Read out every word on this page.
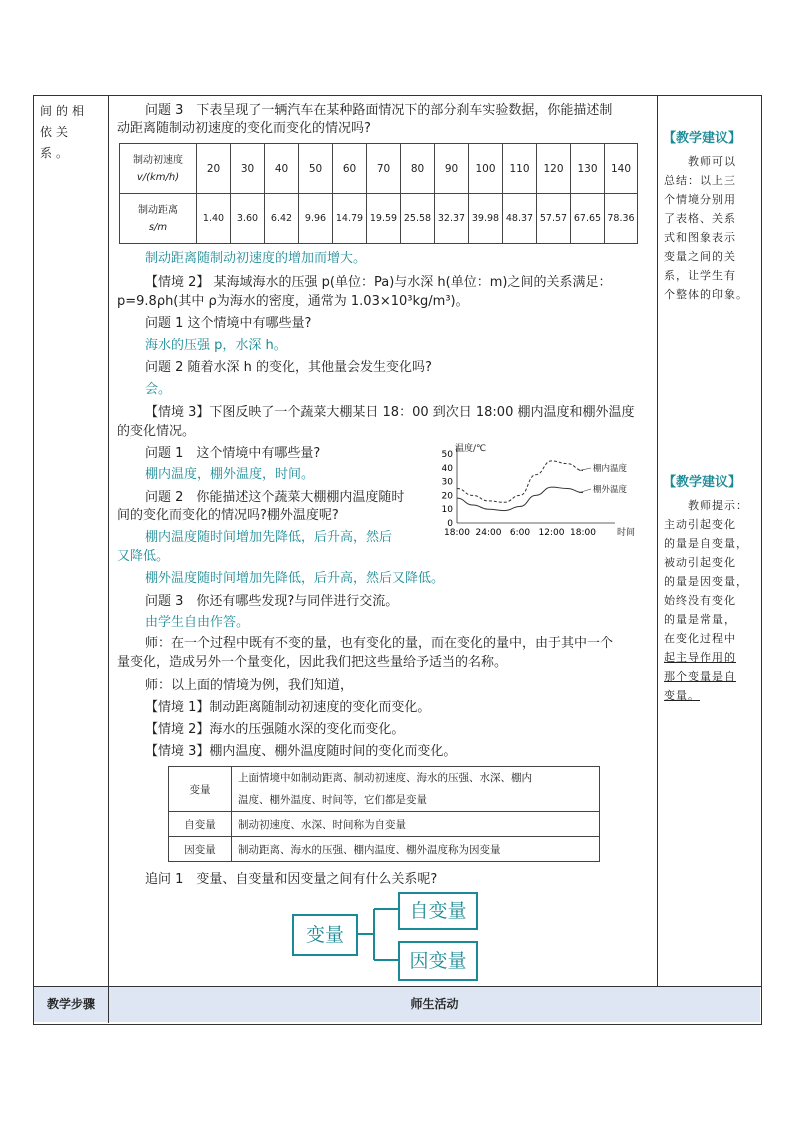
间的相依关系。
问题 3　下表呈现了一辆汽车在某种路面情况下的部分刹车实验数据，你能描述制
动距离随制动初速度的变化而变化的情况吗?
制动初速度
v/(km/h)	20	30	40	50	60	70	80	90	100	110	120	130	140
制动距离
s/m	1.40	3.60	6.42	9.96	14.79	19.59	25.58	32.37	39.98	48.37	57.57	67.65	78.36
制动距离随制动初速度的增加而增大。
【情境 2】 某海域海水的压强 p(单位：Pa)与水深 h(单位：m)之间的关系满足：
p=9.8ρh(其中 ρ为海水的密度，通常为 1.03×10³kg/m³)。
问题 1 这个情境中有哪些量?
海水的压强 p，水深 h。
问题 2 随着水深 h 的变化，其他量会发生变化吗?
会。
【情境 3】下图反映了一个蔬菜大棚某日 18：00 到次日 18:00 棚内温度和棚外温度
的变化情况。
问题 1　这个情境中有哪些量?
棚内温度，棚外温度，时间。
问题 2　你能描述这个蔬菜大棚棚内温度随时
间的变化而变化的情况吗?棚外温度呢?
棚内温度随时间增加先降低，后升高，然后
又降低。
棚外温度随时间增加先降低，后升高，然后又降低。
问题 3　你还有哪些发现?与同伴进行交流。
由学生自由作答。
师：在一个过程中既有不变的量，也有变化的量，而在变化的量中，由于其中一个
量变化，造成另外一个量变化，因此我们把这些量给予适当的名称。
师：以上面的情境为例，我们知道，
【情境 1】制动距离随制动初速度的变化而变化。
【情境 2】海水的压强随水深的变化而变化。
【情境 3】棚内温度、棚外温度随时间的变化而变化。
温度/℃
时间
50
40
30
20
10
0
18:00 24:00 6:00 12:00 18:00
棚内温度
棚外温度
变量	上面情境中如制动距离、制动初速度、海水的压强、水深、棚内
温度、棚外温度、时间等，它们都是变量
自变量	制动初速度、水深、时间称为自变量
因变量	制动距离、海水的压强、棚内温度、棚外温度称为因变量
追问 1　变量、自变量和因变量之间有什么关系呢?
变量
自变量
因变量
【教学建议】
教师可以
总结：以上三
个情境分别用
了表格、关系
式和图象表示
变量之间的关
系，让学生有
个整体的印象。
【教学建议】
教师提示：
主动引起变化
的量是自变量，
被动引起变化
的量是因变量，
始终没有变化
的量是常量，
在变化过程中
起主导作用的
那个变量是自
变量。
教学步骤	师生活动
